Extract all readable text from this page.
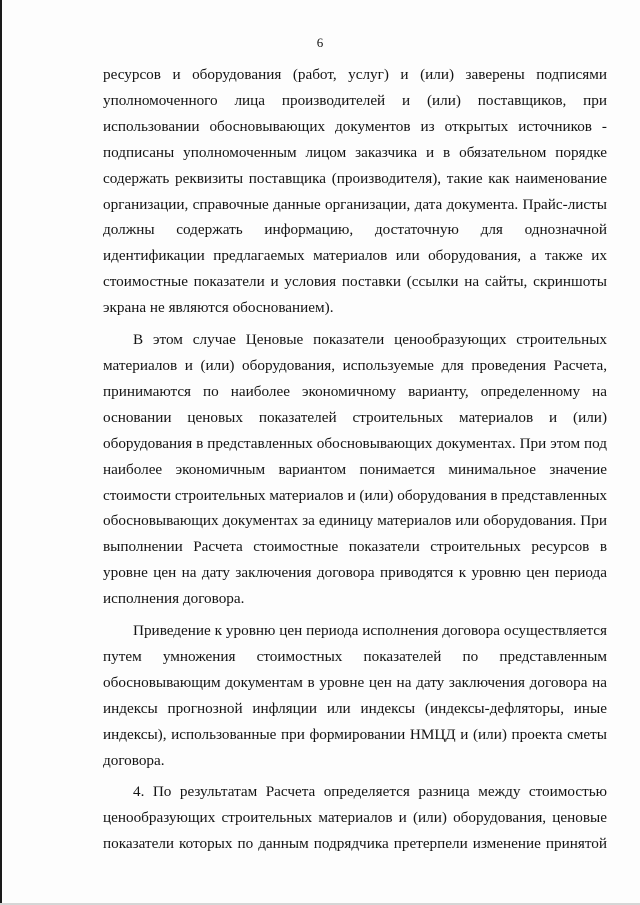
6
ресурсов и оборудования (работ, услуг) и (или) заверены подписями
уполномоченного лица производителей и (или) поставщиков, при
использовании обосновывающих документов из открытых источников -
подписаны уполномоченным лицом заказчика и в обязательном порядке
содержать реквизиты поставщика (производителя), такие как наименование
организации, справочные данные организации, дата документа. Прайс-листы
должны содержать информацию, достаточную для однозначной
идентификации предлагаемых материалов или оборудования, а также их
стоимостные показатели и условия поставки (ссылки на сайты, скриншоты
экрана не являются обоснованием).
В этом случае Ценовые показатели ценообразующих строительных
материалов и (или) оборудования, используемые для проведения Расчета,
принимаются по наиболее экономичному варианту, определенному на
основании ценовых показателей строительных материалов и (или)
оборудования в представленных обосновывающих документах. При этом под
наиболее экономичным вариантом понимается минимальное значение
стоимости строительных материалов и (или) оборудования в представленных
обосновывающих документах за единицу материалов или оборудования. При
выполнении Расчета стоимостные показатели строительных ресурсов в
уровне цен на дату заключения договора приводятся к уровню цен периода
исполнения договора.
Приведение к уровню цен периода исполнения договора осуществляется
путем умножения стоимостных показателей по представленным
обосновывающим документам в уровне цен на дату заключения договора на
индексы прогнозной инфляции или индексы (индексы-дефляторы, иные
индексы), использованные при формировании НМЦД и (или) проекта сметы
договора.
4. По результатам Расчета определяется разница между стоимостью
ценообразующих строительных материалов и (или) оборудования, ценовые
показатели которых по данным подрядчика претерпели изменение принятой
